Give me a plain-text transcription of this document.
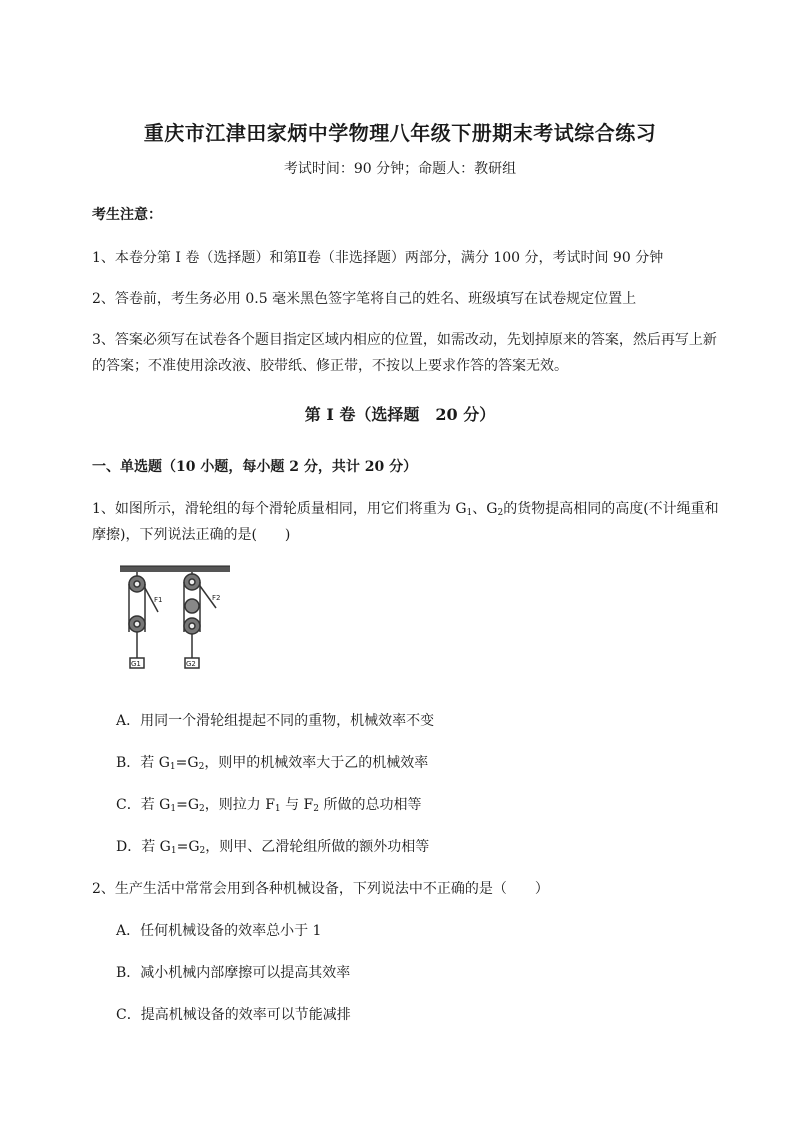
重庆市江津田家炳中学物理八年级下册期末考试综合练习
考试时间：90 分钟；命题人：教研组
考生注意：
1、本卷分第 I 卷（选择题）和第Ⅱ卷（非选择题）两部分，满分 100 分，考试时间 90 分钟
2、答卷前，考生务必用 0.5 毫米黑色签字笔将自己的姓名、班级填写在试卷规定位置上
3、答案必须写在试卷各个题目指定区域内相应的位置，如需改动，先划掉原来的答案，然后再写上新
的答案；不准使用涂改液、胶带纸、修正带，不按以上要求作答的答案无效。
第 I 卷（选择题　20 分）
一、单选题（10 小题，每小题 2 分，共计 20 分）
1、如图所示，滑轮组的每个滑轮质量相同，用它们将重为 $G_1$、$G_2$的货物提高相同的高度(不计绳重和
摩擦)，下列说法正确的是(　　)
G1
F1
G2
F2
A．用同一个滑轮组提起不同的重物，机械效率不变
B．若 $G_1=G_2$，则甲的机械效率大于乙的机械效率
C．若 $G_1=G_2$，则拉力 $F_1$ 与 $F_2$ 所做的总功相等
D．若 $G_1=G_2$，则甲、乙滑轮组所做的额外功相等
2、生产生活中常常会用到各种机械设备，下列说法中不正确的是（　　）
A．任何机械设备的效率总小于 1
B．减小机械内部摩擦可以提高其效率
C．提高机械设备的效率可以节能减排
